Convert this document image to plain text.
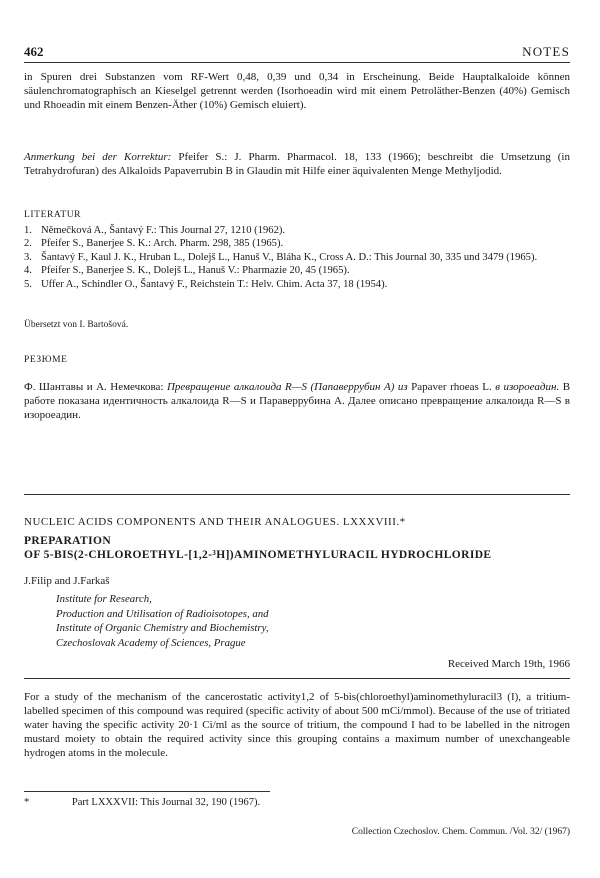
462	NOTES
in Spuren drei Substanzen vom RF-Wert 0,48, 0,39 und 0,34 in Erscheinung. Beide Hauptalkaloide können säulenchromatographisch an Kieselgel getrennt werden (Isorhoeadin wird mit einem Petroläther-Benzen (40%) Gemisch und Rhoeadin mit einem Benzen-Äther (10%) Gemisch eluiert).
Anmerkung bei der Korrektur: Pfeifer S.: J. Pharm. Pharmacol. 18, 133 (1966); beschreibt die Umsetzung (in Tetrahydrofuran) des Alkaloids Papaverrubin B in Glaudin mit Hilfe einer äquivalenten Menge Methyljodid.
LITERATUR
1. Němečková A., Šantavý F.: This Journal 27, 1210 (1962).
2. Pfeifer S., Banerjee S. K.: Arch. Pharm. 298, 385 (1965).
3. Šantavý F., Kaul J. K., Hruban L., Dolejš L., Hanuš V., Bláha K., Cross A. D.: This Journal 30, 335 und 3479 (1965).
4. Pfeifer S., Banerjee S. K., Dolejš L., Hanuš V.: Pharmazie 20, 45 (1965).
5. Uffer A., Schindler O., Šantavý F., Reichstein T.: Helv. Chim. Acta 37, 18 (1954).
Übersetzt von I. Bartošová.
РЕЗЮМЕ
Ф. Шантавы и А. Немечкова: Превращение алкалоида R—S (Папаверрубин А) из Papaver rhoeas L. в изороеадин. В работе показана идентичность алкалоида R—S и Параверрубина А. Далее описано превращение алкалоида R—S в изороеадин.
NUCLEIC ACIDS COMPONENTS AND THEIR ANALOGUES. LXXXVIII.*
PREPARATION
OF 5-BIS(2-CHLOROETHYL-[1,2-³H])AMINOMETHYLURACIL HYDROCHLORIDE
J.Filip and J.Farkaš
Institute for Research,
Production and Utilisation of Radioisotopes, and
Institute of Organic Chemistry and Biochemistry,
Czechoslovak Academy of Sciences, Prague
Received March 19th, 1966
For a study of the mechanism of the cancerostatic activity1,2 of 5-bis(chloroethyl)aminomethyluracil3 (I), a tritium-labelled specimen of this compound was required (specific activity of about 500 mCi/mmol). Because of the use of tritiated water having the specific activity 20·1 Ci/ml as the source of tritium, the compound I had to be labelled in the nitrogen mustard moiety to obtain the required activity since this grouping contains a maximum number of unexchangeable hydrogen atoms in the molecule.
*	Part LXXXVII: This Journal 32, 190 (1967).
Collection Czechoslov. Chem. Commun. /Vol. 32/ (1967)
